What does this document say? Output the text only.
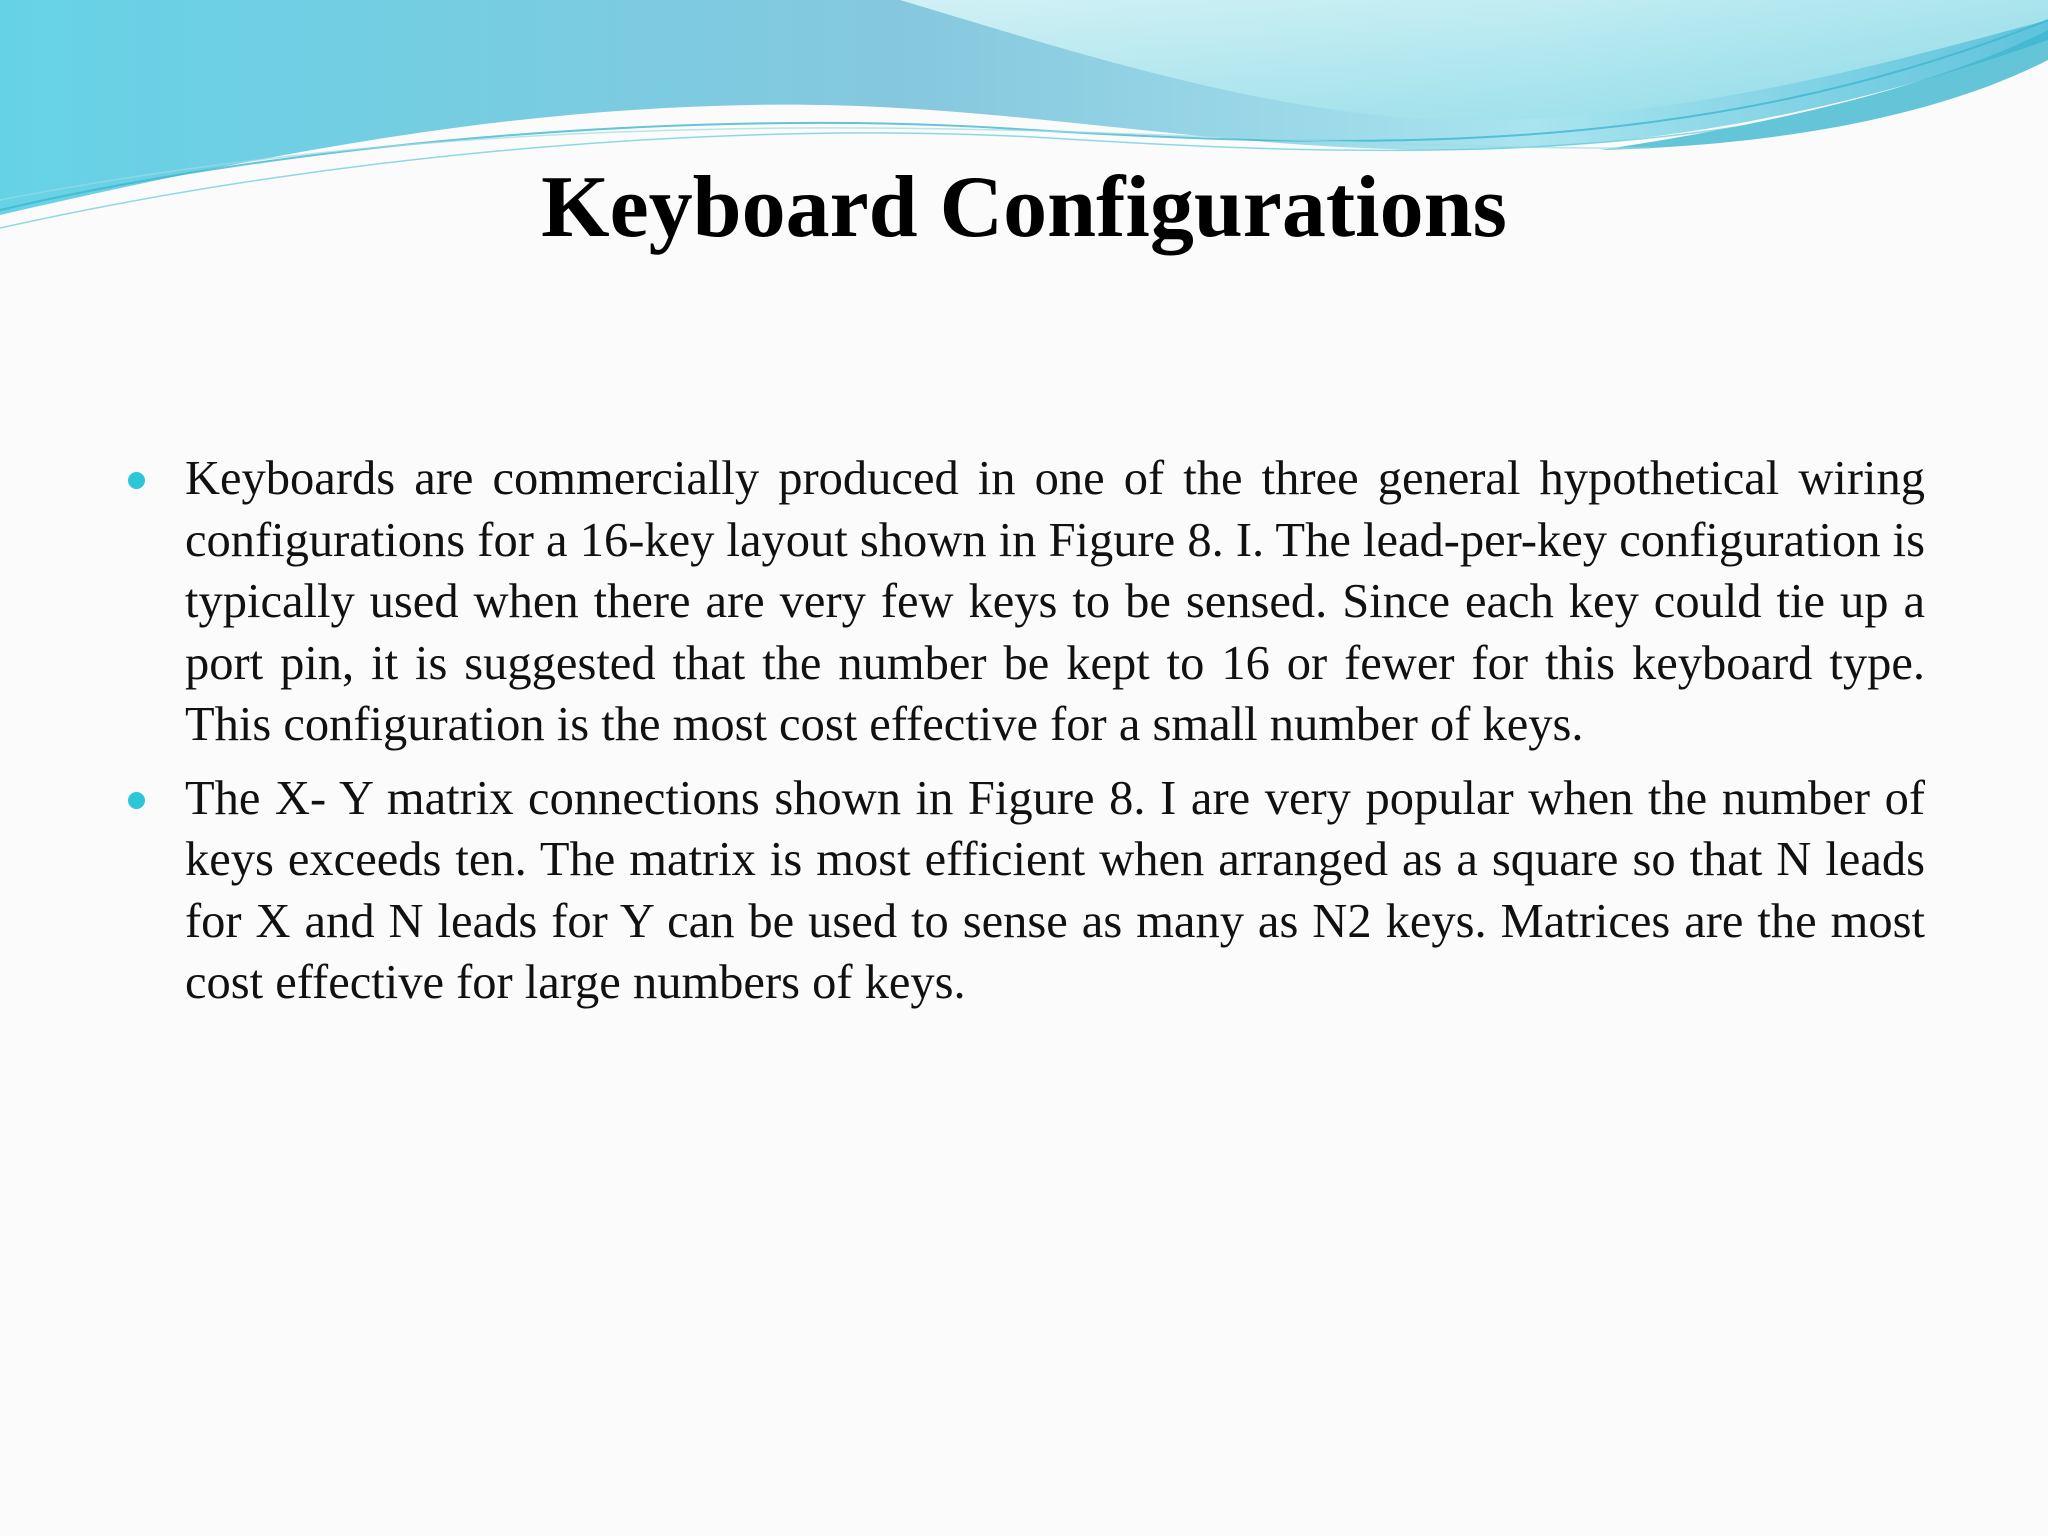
Keyboard Configurations
Keyboards are commercially produced in one of the three general hypothetical wiring configurations for a 16-key layout shown in Figure 8. I. The lead-per-key configuration is typically used when there are very few keys to be sensed. Since each key could tie up a port pin, it is suggested that the number be kept to 16 or fewer for this keyboard type. This configuration is the most cost effective for a small number of keys.
The X- Y matrix connections shown in Figure 8. I are very popular when the number of keys exceeds ten. The matrix is most efficient when arranged as a square so that N leads for X and N leads for Y can be used to sense as many as N2 keys. Matrices are the most cost effective for large numbers of keys.
